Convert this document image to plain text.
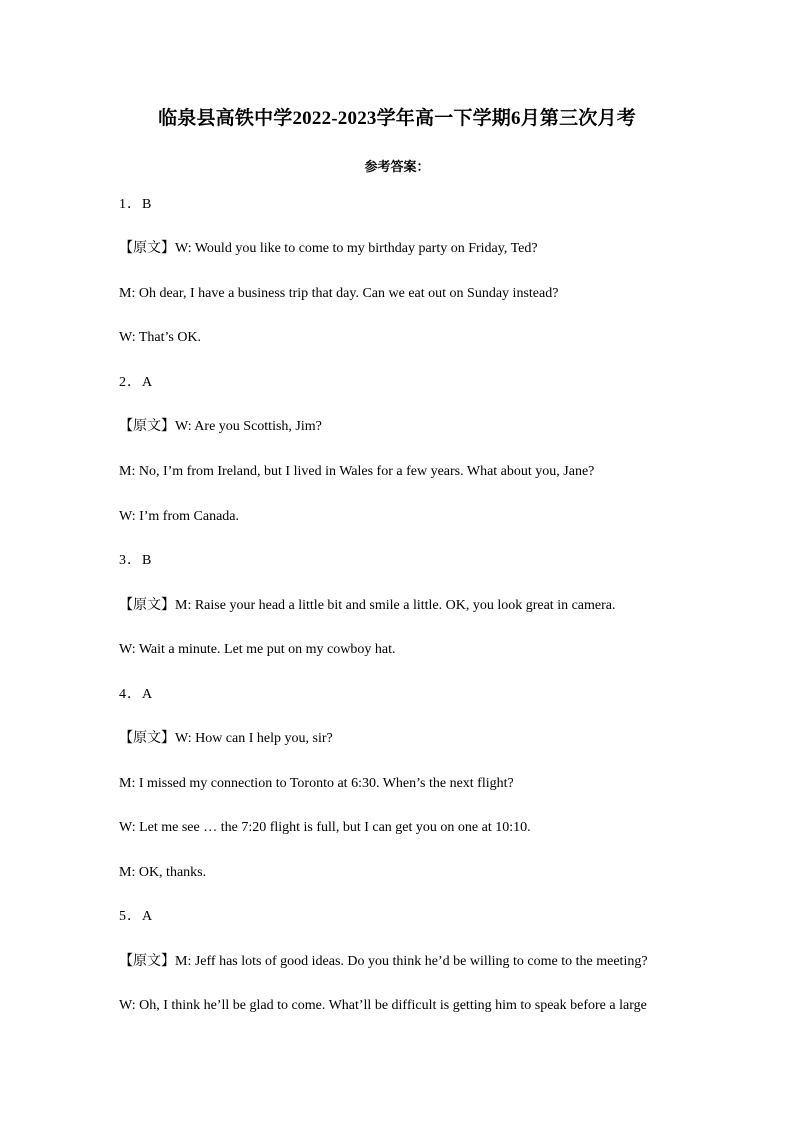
临泉县高铁中学2022-2023学年高一下学期6月第三次月考
参考答案：
1．B
【原文】W: Would you like to come to my birthday party on Friday, Ted?
M: Oh dear, I have a business trip that day. Can we eat out on Sunday instead?
W: That’s OK.
2．A
【原文】W: Are you Scottish, Jim?
M: No, I’m from Ireland, but I lived in Wales for a few years. What about you, Jane?
W: I’m from Canada.
3．B
【原文】M: Raise your head a little bit and smile a little. OK, you look great in camera.
W: Wait a minute. Let me put on my cowboy hat.
4．A
【原文】W: How can I help you, sir?
M: I missed my connection to Toronto at 6:30. When’s the next flight?
W: Let me see … the 7:20 flight is full, but I can get you on one at 10:10.
M: OK, thanks.
5．A
【原文】M: Jeff has lots of good ideas. Do you think he’d be willing to come to the meeting?
W: Oh, I think he’ll be glad to come. What’ll be difficult is getting him to speak before a large
